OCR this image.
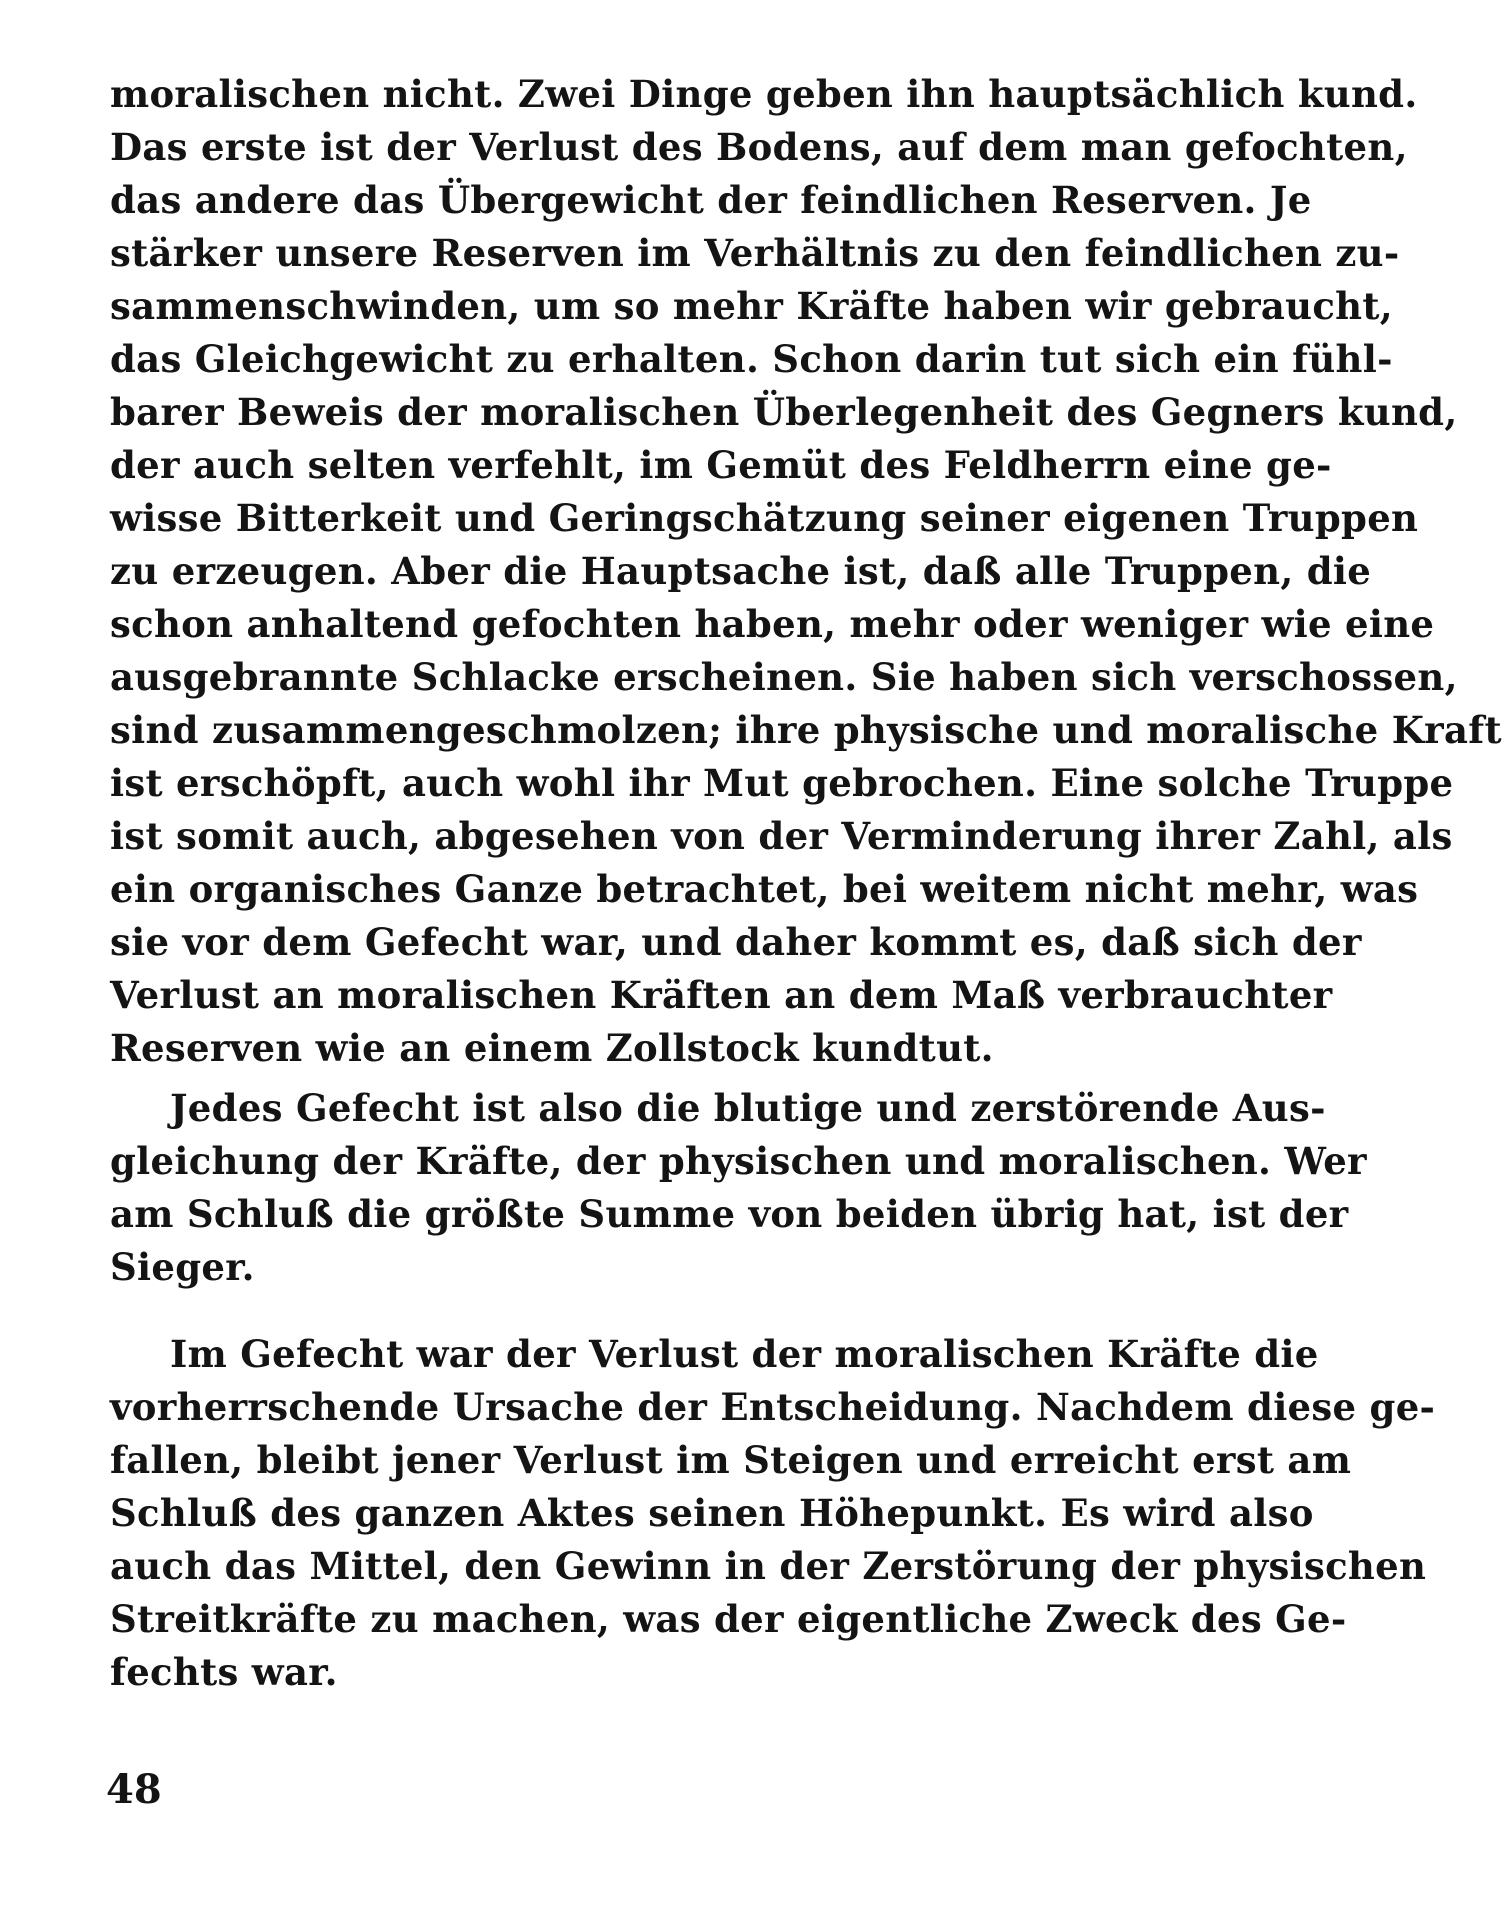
moralischen nicht. Zwei Dinge geben ihn hauptsächlich kund.
Das erste ist der Verlust des Bodens, auf dem man gefochten,
das andere das Übergewicht der feindlichen Reserven. Je
stärker unsere Reserven im Verhältnis zu den feindlichen zu-
sammenschwinden, um so mehr Kräfte haben wir gebraucht,
das Gleichgewicht zu erhalten. Schon darin tut sich ein fühl-
barer Beweis der moralischen Überlegenheit des Gegners kund,
der auch selten verfehlt, im Gemüt des Feldherrn eine ge-
wisse Bitterkeit und Geringschätzung seiner eigenen Truppen
zu erzeugen. Aber die Hauptsache ist, daß alle Truppen, die
schon anhaltend gefochten haben, mehr oder weniger wie eine
ausgebrannte Schlacke erscheinen. Sie haben sich verschossen,
sind zusammengeschmolzen; ihre physische und moralische Kraft
ist erschöpft, auch wohl ihr Mut gebrochen. Eine solche Truppe
ist somit auch, abgesehen von der Verminderung ihrer Zahl, als
ein organisches Ganze betrachtet, bei weitem nicht mehr, was
sie vor dem Gefecht war, und daher kommt es, daß sich der
Verlust an moralischen Kräften an dem Maß verbrauchter
Reserven wie an einem Zollstock kundtut.
Jedes Gefecht ist also die blutige und zerstörende Aus-
gleichung der Kräfte, der physischen und moralischen. Wer
am Schluß die größte Summe von beiden übrig hat, ist der
Sieger.
Im Gefecht war der Verlust der moralischen Kräfte die
vorherrschende Ursache der Entscheidung. Nachdem diese ge-
fallen, bleibt jener Verlust im Steigen und erreicht erst am
Schluß des ganzen Aktes seinen Höhepunkt. Es wird also
auch das Mittel, den Gewinn in der Zerstörung der physischen
Streitkräfte zu machen, was der eigentliche Zweck des Ge-
fechts war.
48
